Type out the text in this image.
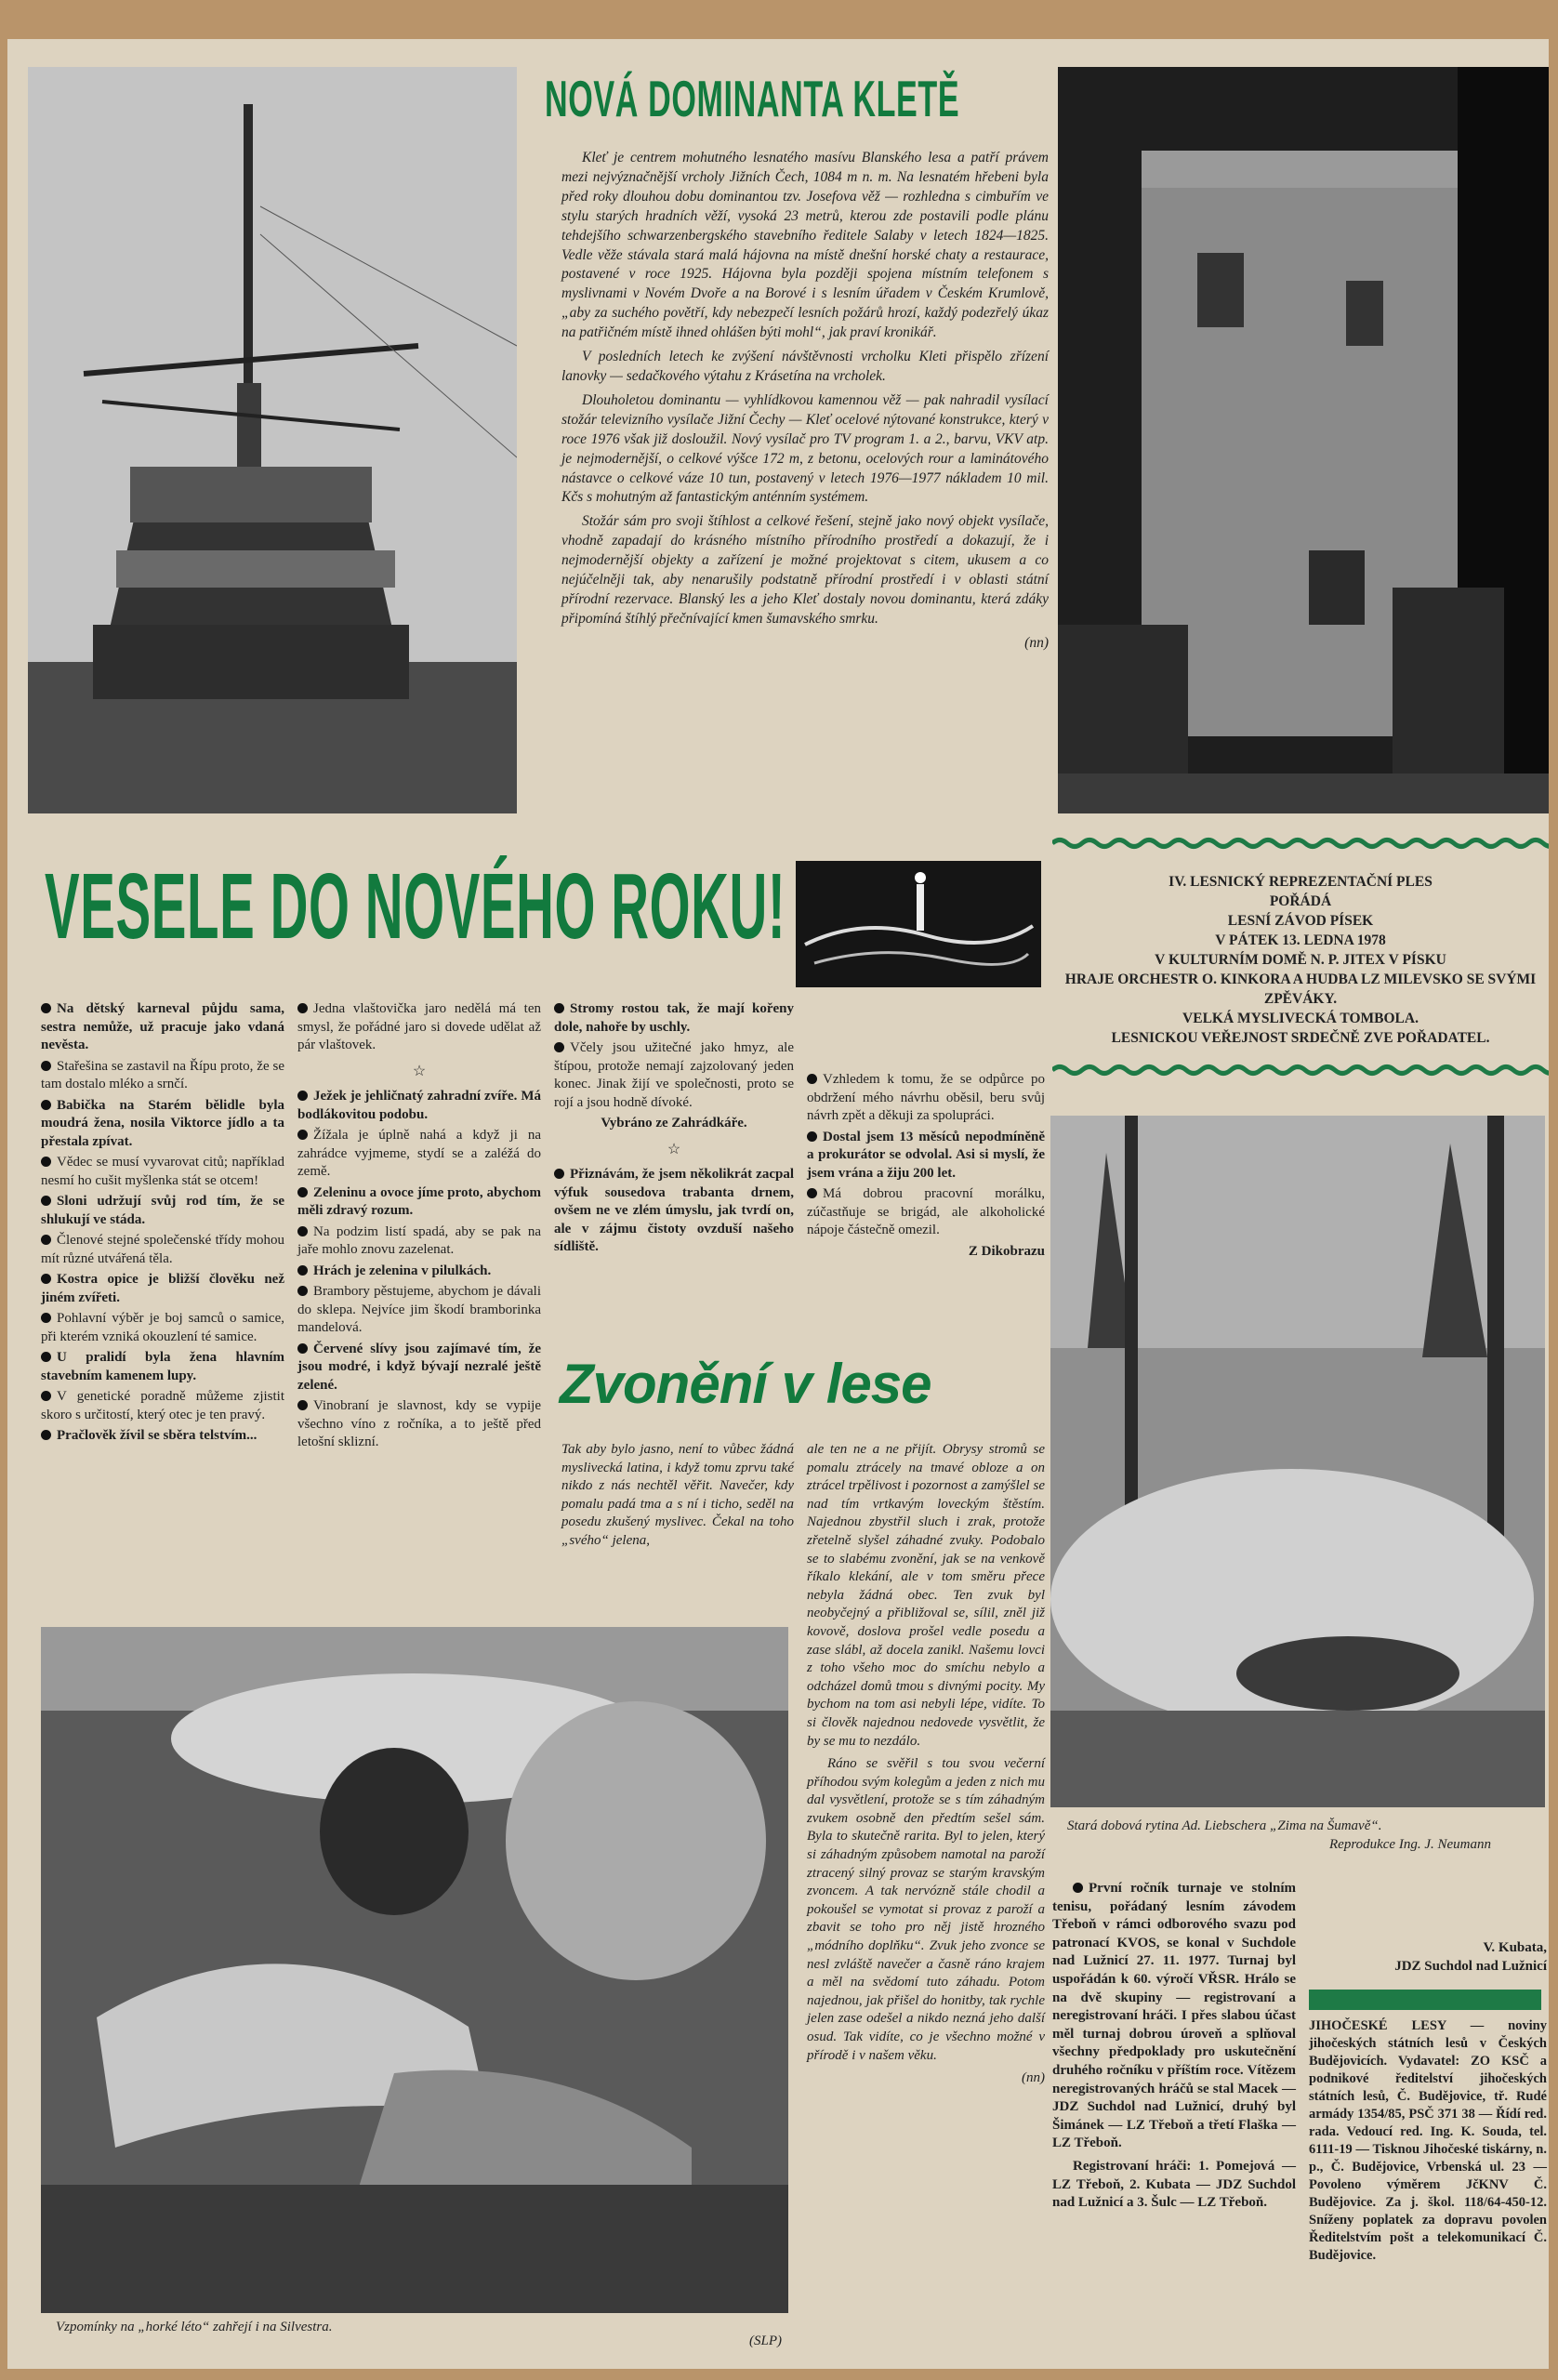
NOVÁ DOMINANTA KLETĚ

Kleť je centrem mohutného lesnatého masívu Blanského lesa a patří právem mezi nejvýznačnější vrcholy Jižních Čech, 1084 m n. m. Na lesnatém hřebeni byla před roky dlouhou dobu dominantou tzv. Josefova věž — rozhledna s cimbuřím ve stylu starých hradních věží, vysoká 23 metrů, kterou zde postavili podle plánu tehdejšího schwarzenbergského stavebního ředitele Salaby v letech 1824—1825. Vedle věže stávala stará malá hájovna na místě dnešní horské chaty a restaurace, postavené v roce 1925. Hájovna byla později spojena místním telefonem s myslivnami v Novém Dvoře a na Borové i s lesním úřadem v Českém Krumlově, „aby za suchého povětří, kdy nebezpečí lesních požárů hrozí, každý podezřelý úkaz na patřičném místě ihned ohlášen býti mohl“, jak praví kronikář.

V posledních letech ke zvýšení návštěvnosti vrcholku Kleti přispělo zřízení lanovky — sedačkového výtahu z Krásetína na vrcholek.

Dlouholetou dominantu — vyhlídkovou kamennou věž — pak nahradil vysílací stožár televizního vysílače Jižní Čechy — Kleť ocelové nýtované konstrukce, který v roce 1976 však již dosloužil. Nový vysílač pro TV program 1. a 2., barvu, VKV atp. je nejmodernější, o celkové výšce 172 m, z betonu, ocelových rour a laminátového nástavce o celkové váze 10 tun, postavený v letech 1976—1977 nákladem 10 mil. Kčs s mohutným až fantastickým anténním systémem.

Stožár sám pro svoji štíhlost a celkové řešení, stejně jako nový objekt vysílače, vhodně zapadají do krásného místního přírodního prostředí a dokazují, že i nejmodernější objekty a zařízení je možné projektovat s citem, ukusem a co nejúčelněji tak, aby nenarušily podstatně přírodní prostředí i v oblasti státní přírodní rezervace. Blanský les a jeho Kleť dostaly novou dominantu, která zdáky připomíná štíhlý přečnívající kmen šumavského smrku.

(nn)
IV. LESNICKÝ REPREZENTAČNÍ PLES
POŘÁDÁ
LESNÍ ZÁVOD PÍSEK
V PÁTEK 13. LEDNA 1978
V KULTURNÍM DOMĚ N. P. JITEX V PÍSKU
HRAJE ORCHESTR O. KINKORA A HUDBA LZ MILEVSKO SE SVÝMI ZPĚVÁKY.
VELKÁ MYSLIVECKÁ TOMBOLA.
LESNICKOU VEŘEJNOST SRDEČNĚ ZVE POŘADATEL.
VESELE DO NOVÉHO ROKU!

Na dětský karneval půjdu sama, sestra nemůže, už pracuje jako vdaná nevěsta.

Stařešina se zastavil na Řípu proto, že se tam dostalo mléko a srnčí.

Babička na Starém bělidle byla moudrá žena, nosila Viktorce jídlo a ta přestala zpívat.

Vědec se musí vyvarovat citů; například nesmí ho cušit myšlenka stát se otcem!

Sloni udržují svůj rod tím, že se shlukují ve stáda.

Členové stejné společenské třídy mohou mít různé utvářená těla.

Kostra opice je bližší člověku než jiném zvířeti.

Pohlavní výběr je boj samců o samice, při kterém vzniká okouzlení té samice.

U pralidí byla žena hlavním stavebním kamenem lupy.

V genetické poradně můžeme zjistit skoro s určitostí, který otec je ten pravý.

Pračlověk žívil se sběra telstvím...

Jedna vlaštovička jaro nedělá má ten smysl, že pořádné jaro si dovede udělat až pár vlaštovek.

☆

Ježek je jehličnatý zahradní zvíře. Má bodlákovitou podobu.

Žížala je úplně nahá a když ji na zahrádce vyjmeme, stydí se a zaléžá do země.

Zeleninu a ovoce jíme proto, abychom měli zdravý rozum.

Na podzim listí spadá, aby se pak na jaře mohlo znovu zazelenat.

Hrách je zelenina v pilulkách.

Brambory pěstujeme, abychom je dávali do sklepa. Nejvíce jim škodí bramborinka mandelová.

Červené slívy jsou zajímavé tím, že jsou modré, i když bývají nezralé ještě zelené.

Vinobraní je slavnost, kdy se vypije všechno víno z ročníka, a to ještě před letošní sklizní.

Stromy rostou tak, že mají kořeny dole, nahoře by uschly.

Včely jsou užitečné jako hmyz, ale štípou, protože nemají zajzolovaný jeden konec. Jinak žijí ve společnosti, proto se rojí a jsou hodně dívoké.

Vybráno ze Zahrádkáře.

☆

Přiznávám, že jsem několikrát zacpal výfuk sousedova trabanta drnem, ovšem ne ve zlém úmyslu, jak tvrdí on, ale v zájmu čistoty ovzduší našeho sídliště.

Vzhledem k tomu, že se odpůrce po obdržení mého návrhu oběsil, beru svůj návrh zpět a děkuji za spolupráci.

Dostal jsem 13 měsíců nepodmíněně a prokurátor se odvolal. Asi si myslí, že jsem vrána a žiju 200 let.

Má dobrou pracovní morálku, zúčastňuje se brigád, ale alkoholické nápoje částečně omezil.

Z Dikobrazu

Zvonění v lese
Tak aby bylo jasno, není to vůbec žádná myslivecká latina, i když tomu zprvu také nikdo z nás nechtěl věřit. Navečer, kdy pomalu padá tma a s ní i ticho, seděl na posedu zkušený myslivec. Čekal na toho „svého“ jelena,

ale ten ne a ne přijít. Obrysy stromů se pomalu ztrácely na tmavé obloze a on ztrácel trpělivost i pozornost a zamýšlel se nad tím vrtkavým loveckým štěstím. Najednou zbystřil sluch i zrak, protože zřetelně slyšel záhadné zvuky. Podobalo se to slabému zvonění, jak se na venkově říkalo klekání, ale v tom směru přece nebyla žádná obec. Ten zvuk byl neobyčejný a přibližoval se, sílil, zněl již kovově, doslova prošel vedle posedu a zase slábl, až docela zanikl. Našemu lovci z toho všeho moc do smíchu nebylo a odcházel domů tmou s divnými pocity. My bychom na tom asi nebyli lépe, vidíte. To si člověk najednou nedovede vysvětlit, že by se mu to nezdálo.

Ráno se svěřil s tou svou večerní příhodou svým kolegům a jeden z nich mu dal vysvětlení, protože se s tím záhadným zvukem osobně den předtím sešel sám. Byla to skutečně rarita. Byl to jelen, který si záhadným způsobem namotal na paroží ztracený silný provaz se starým kravským zvoncem. A tak nervózně stále chodil a pokoušel se vymotat si provaz z paroží a zbavit se toho pro něj jistě hrozného „módního doplňku“. Zvuk jeho zvonce se nesl zvláště navečer a časně ráno krajem a měl na svědomí tuto záhadu. Potom najednou, jak přišel do honitby, tak rychle jelen zase odešel a nikdo nezná jeho další osud. Tak vidíte, co je všechno možné v přírodě i v našem věku.

(nn)
Vzpomínky na „horké léto“ zahřejí i na Silvestra.
(SLP)
Stará dobová rytina Ad. Liebschera „Zima na Šumavě“.
Reprodukce Ing. J. Neumann

První ročník turnaje ve stolním tenisu, pořádaný lesním závodem Třeboň v rámci odborového svazu pod patronací KVOS, se konal v Suchdole nad Lužnicí 27. 11. 1977. Turnaj byl uspořádán k 60. výročí VŘSR. Hrálo se na dvě skupiny — registrovaní a neregistrovaní hráči. I přes slabou účast měl turnaj dobrou úroveň a splňoval všechny předpoklady pro uskutečnění druhého ročníku v příštím roce. Vítězem neregistrovaných hráčů se stal Macek — JDZ Suchdol nad Lužnicí, druhý byl Šimánek — LZ Třeboň a třetí Flaška — LZ Třeboň.

Registrovaní hráči: 1. Pomejová — LZ Třeboň, 2. Kubata — JDZ Suchdol nad Lužnicí a 3. Šulc — LZ Třeboň.

V. Kubata,
JDZ Suchdol nad Lužnicí
JIHOČESKÉ LESY — noviny jihočeských státních lesů v Českých Budějovicích. Vydavatel: ZO KSČ a podnikové ředitelství jihočeských státních lesů, Č. Budějovice, tř. Rudé armády 1354/85, PSČ 371 38 — Řídí red. rada. Vedoucí red. Ing. K. Souda, tel. 6111-19 — Tisknou Jihočeské tiskárny, n. p., Č. Budějovice, Vrbenská ul. 23 — Povoleno výměrem JčKNV Č. Budějovice. Za j. škol. 118/64-450-12. Sníženy poplatek za dopravu povolen Ředitelstvím pošt a telekomunikací Č. Budějovice.
